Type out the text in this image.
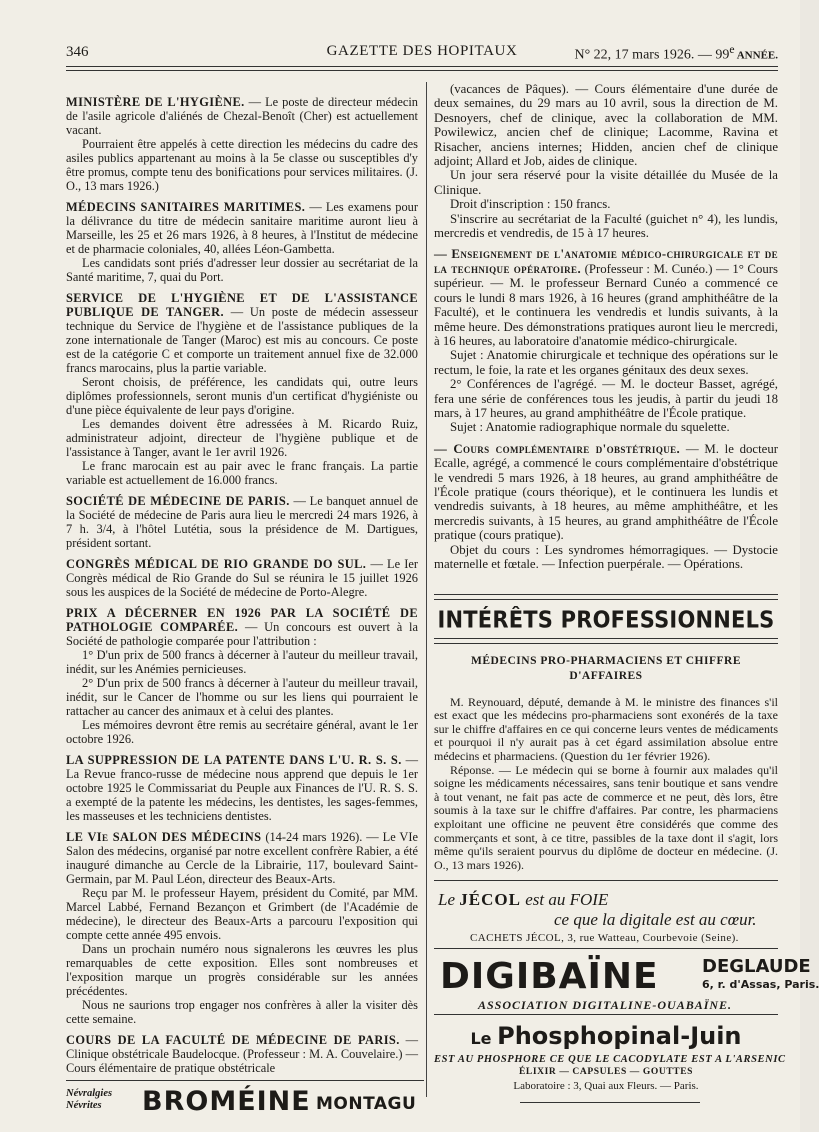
346	GAZETTE DES HOPITAUX	N° 22, 17 mars 1926. — 99e ANNÉE.

MINISTÈRE DE L'HYGIÈNE. — Le poste de directeur médecin de l'asile agricole d'aliénés de Chezal-Benoît (Cher) est actuellement vacant.

Pourraient être appelés à cette direction les médecins du cadre des asiles publics appartenant au moins à la 5e classe ou susceptibles d'y être promus, compte tenu des bonifications pour services militaires. (J. O., 13 mars 1926.)

MÉDECINS SANITAIRES MARITIMES. — Les examens pour la délivrance du titre de médecin sanitaire maritime auront lieu à Marseille, les 25 et 26 mars 1926, à 8 heures, à l'Institut de médecine et de pharmacie coloniales, 40, allées Léon-Gambetta.

Les candidats sont priés d'adresser leur dossier au secrétariat de la Santé maritime, 7, quai du Port.

SERVICE DE L'HYGIÈNE ET DE L'ASSISTANCE PUBLIQUE DE TANGER. — Un poste de médecin assesseur technique du Service de l'hygiène et de l'assistance publiques de la zone internationale de Tanger (Maroc) est mis au concours. Ce poste est de la catégorie C et comporte un traitement annuel fixe de 32.000 francs marocains, plus la partie variable.

Seront choisis, de préférence, les candidats qui, outre leurs diplômes professionnels, seront munis d'un certificat d'hygiéniste ou d'une pièce équivalente de leur pays d'origine.

Les demandes doivent être adressées à M. Ricardo Ruiz, administrateur adjoint, directeur de l'hygiène publique et de l'assistance à Tanger, avant le 1er avril 1926.

Le franc marocain est au pair avec le franc français. La partie variable est actuellement de 16.000 francs.

SOCIÉTÉ DE MÉDECINE DE PARIS. — Le banquet annuel de la Société de médecine de Paris aura lieu le mercredi 24 mars 1926, à 7 h. 3/4, à l'hôtel Lutétia, sous la présidence de M. Dartigues, président sortant.

CONGRÈS MÉDICAL DE RIO GRANDE DO SUL. — Le Ier Congrès médical de Rio Grande do Sul se réunira le 15 juillet 1926 sous les auspices de la Société de médecine de Porto-Alegre.

PRIX A DÉCERNER EN 1926 PAR LA SOCIÉTÉ DE PATHOLOGIE COMPARÉE. — Un concours est ouvert à la Société de pathologie comparée pour l'attribution :

1° D'un prix de 500 francs à décerner à l'auteur du meilleur travail, inédit, sur les Anémies pernicieuses.

2° D'un prix de 500 francs à décerner à l'auteur du meilleur travail, inédit, sur le Cancer de l'homme ou sur les liens qui pourraient le rattacher au cancer des animaux et à celui des plantes.

Les mémoires devront être remis au secrétaire général, avant le 1er octobre 1926.

LA SUPPRESSION DE LA PATENTE DANS L'U. R. S. S. — La Revue franco-russe de médecine nous apprend que depuis le 1er octobre 1925 le Commissariat du Peuple aux Finances de l'U. R. S. S. a exempté de la patente les médecins, les dentistes, les sages-femmes, les masseuses et les techniciens dentistes.

LE VIe SALON DES MÉDECINS (14-24 mars 1926). — Le VIe Salon des médecins, organisé par notre excellent confrère Rabier, a été inauguré dimanche au Cercle de la Librairie, 117, boulevard Saint-Germain, par M. Paul Léon, directeur des Beaux-Arts.

Reçu par M. le professeur Hayem, président du Comité, par MM. Marcel Labbé, Fernand Bezançon et Grimbert (de l'Académie de médecine), le directeur des Beaux-Arts a parcouru l'exposition qui compte cette année 495 envois.

Dans un prochain numéro nous signalerons les œuvres les plus remarquables de cette exposition. Elles sont nombreuses et l'exposition marque un progrès considérable sur les années précédentes.

Nous ne saurions trop engager nos confrères à aller la visiter dès cette semaine.

COURS DE LA FACULTÉ DE MÉDECINE DE PARIS. — Clinique obstétricale Baudelocque. (Professeur : M. A. Couvelaire.) — Cours élémentaire de pratique obstétricale

(vacances de Pâques). — Cours élémentaire d'une durée de deux semaines, du 29 mars au 10 avril, sous la direction de M. Desnoyers, chef de clinique, avec la collaboration de MM. Powilewicz, ancien chef de clinique; Lacomme, Ravina et Risacher, anciens internes; Hidden, ancien chef de clinique adjoint; Allard et Job, aides de clinique.

Un jour sera réservé pour la visite détaillée du Musée de la Clinique.

Droit d'inscription : 150 francs.

S'inscrire au secrétariat de la Faculté (guichet n° 4), les lundis, mercredis et vendredis, de 15 à 17 heures.

— Enseignement de l'anatomie médico-chirurgicale et de la technique opératoire. (Professeur : M. Cunéo.) — 1° Cours supérieur. — M. le professeur Bernard Cunéo a commencé ce cours le lundi 8 mars 1926, à 16 heures (grand amphithéâtre de la Faculté), et le continuera les vendredis et lundis suivants, à la même heure. Des démonstrations pratiques auront lieu le mercredi, à 16 heures, au laboratoire d'anatomie médico-chirurgicale.

Sujet : Anatomie chirurgicale et technique des opérations sur le rectum, le foie, la rate et les organes génitaux des deux sexes.

2° Conférences de l'agrégé. — M. le docteur Basset, agrégé, fera une série de conférences tous les jeudis, à partir du jeudi 18 mars, à 17 heures, au grand amphithéâtre de l'École pratique.

Sujet : Anatomie radiographique normale du squelette.

— Cours complémentaire d'obstétrique. — M. le docteur Ecalle, agrégé, a commencé le cours complémentaire d'obstétrique le vendredi 5 mars 1926, à 18 heures, au grand amphithéâtre de l'École pratique (cours théorique), et le continuera les lundis et vendredis suivants, à 18 heures, au même amphithéâtre, et les mercredis suivants, à 15 heures, au grand amphithéâtre de l'École pratique (cours pratique).

Objet du cours : Les syndromes hémorragiques. — Dystocie maternelle et fœtale. — Infection puerpérale. — Opérations.

INTÉRÊTS PROFESSIONNELS
MÉDECINS PRO-PHARMACIENS ET CHIFFRE D'AFFAIRES

M. Reynouard, député, demande à M. le ministre des finances s'il est exact que les médecins pro-pharmaciens sont exonérés de la taxe sur le chiffre d'affaires en ce qui concerne leurs ventes de médicaments et pourquoi il n'y aurait pas à cet égard assimilation absolue entre médecins et pharmaciens. (Question du 1er février 1926).

Réponse. — Le médecin qui se borne à fournir aux malades qu'il soigne les médicaments nécessaires, sans tenir boutique et sans vendre à tout venant, ne fait pas acte de commerce et ne peut, dès lors, être soumis à la taxe sur le chiffre d'affaires. Par contre, les pharmaciens exploitant une officine ne peuvent être considérés que comme des commerçants et sont, à ce titre, passibles de la taxe dont il s'agit, lors même qu'ils seraient pourvus du diplôme de docteur en médecine. (J. O., 13 mars 1926).

Le JÉCOL est au FOIE
ce que la digitale est au cœur.
CACHETS JÉCOL, 3, rue Watteau, Courbevoie (Seine).
DIGIBAÏNE DEGLAUDE
6, r. d'Assas, Paris.
ASSOCIATION DIGITALINE-OUABAÏNE.
Le Phosphopinal-Juin
EST AU PHOSPHORE CE QUE LE CACODYLATE EST A L'ARSENIC
ÉLIXIR — CAPSULES — GOUTTES
Laboratoire : 3, Quai aux Fleurs. — Paris.
Névralgies
Névrites	BROMÉINE MONTAGU
